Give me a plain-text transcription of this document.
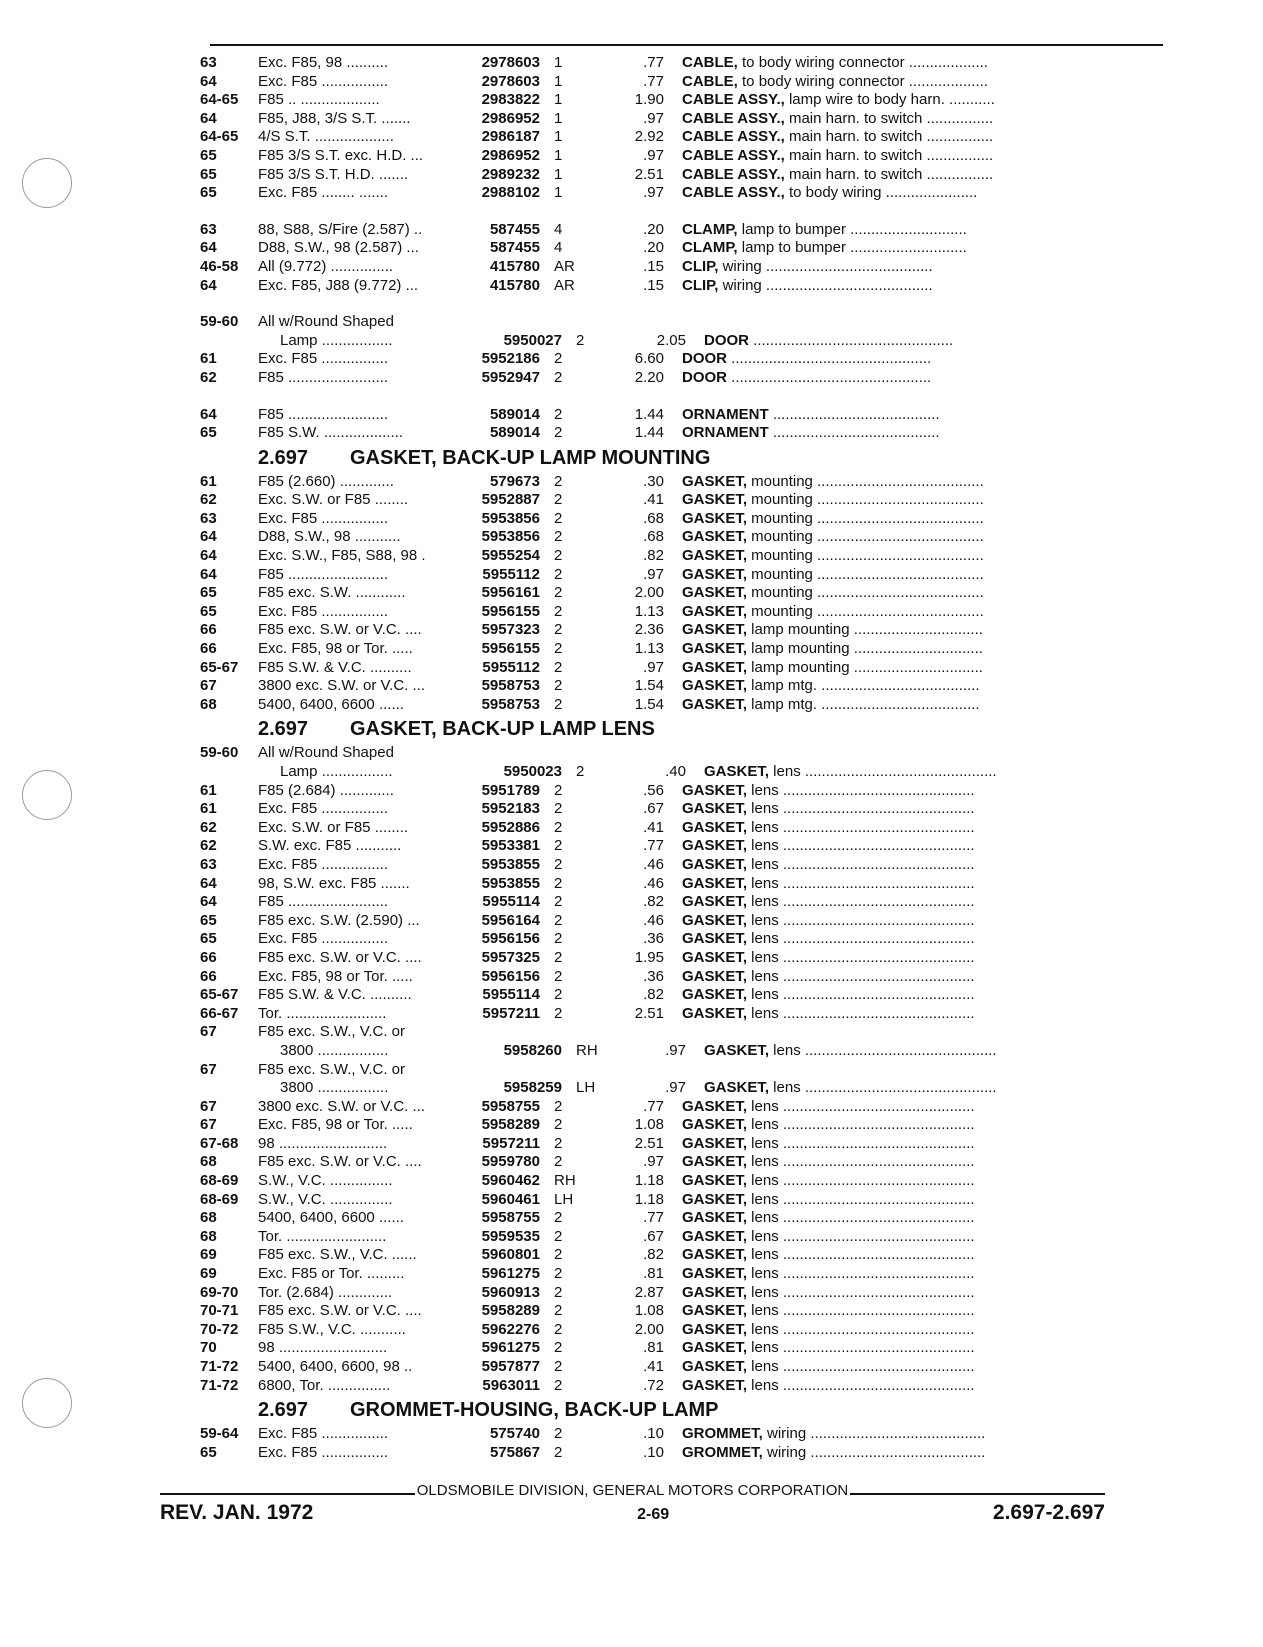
63	Exc. F85, 98 ..........	2978603 1	.77	CABLE, to body wiring connector ...................
64	Exc. F85 ................	2978603 1	.77	CABLE, to body wiring connector ...................
64-65	F85 .. ...................	2983822 1	1.90	CABLE ASSY., lamp wire to body harn. ...........
64	F85, J88, 3/S S.T. .......	2986952 1	.97	CABLE ASSY., main harn. to switch ................
64-65	4/S S.T. ...................	2986187 1	2.92	CABLE ASSY., main harn. to switch ................
65	F85 3/S S.T. exc. H.D. ...	2986952 1	.97	CABLE ASSY., main harn. to switch ................
65	F85 3/S S.T. H.D. .......	2989232 1	2.51	CABLE ASSY., main harn. to switch ................
65	Exc. F85 ........ .......	2988102 1	.97	CABLE ASSY., to body wiring ......................
63	88, S88, S/Fire (2.587) ..	587455 4	.20	CLAMP, lamp to bumper ............................
64	D88, S.W., 98 (2.587) ...	587455 4	.20	CLAMP, lamp to bumper ............................
46-58	All (9.772) ...............	415780 AR	.15	CLIP, wiring ........................................
64	Exc. F85, J88 (9.772) ...	415780 AR	.15	CLIP, wiring ........................................
59-60	All w/Round Shaped
Lamp .................	5950027 2	2.05	DOOR ................................................
61	Exc. F85 ................	5952186 2	6.60	DOOR ................................................
62	F85 ........................	5952947 2	2.20	DOOR ................................................
64	F85 ........................	589014 2	1.44	ORNAMENT ........................................
65	F85 S.W. ...................	589014 2	1.44	ORNAMENT ........................................
2.697 GASKET, BACK-UP LAMP MOUNTING
61	F85 (2.660) .............	579673 2	.30	GASKET, mounting ........................................
62	Exc. S.W. or F85 ........	5952887 2	.41	GASKET, mounting ........................................
63	Exc. F85 ................	5953856 2	.68	GASKET, mounting ........................................
64	D88, S.W., 98 ...........	5953856 2	.68	GASKET, mounting ........................................
64	Exc. S.W., F85, S88, 98 .	5955254 2	.82	GASKET, mounting ........................................
64	F85 ........................	5955112 2	.97	GASKET, mounting ........................................
65	F85 exc. S.W. ............	5956161 2	2.00	GASKET, mounting ........................................
65	Exc. F85 ................	5956155 2	1.13	GASKET, mounting ........................................
66	F85 exc. S.W. or V.C. ....	5957323 2	2.36	GASKET, lamp mounting ...............................
66	Exc. F85, 98 or Tor. .....	5956155 2	1.13	GASKET, lamp mounting ...............................
65-67	F85 S.W. & V.C. ..........	5955112 2	.97	GASKET, lamp mounting ...............................
67	3800 exc. S.W. or V.C. ...	5958753 2	1.54	GASKET, lamp mtg. ......................................
68	5400, 6400, 6600 ......	5958753 2	1.54	GASKET, lamp mtg. ......................................
2.697 GASKET, BACK-UP LAMP LENS
59-60	All w/Round Shaped
Lamp .................	5950023 2	.40	GASKET, lens ..............................................
61	F85 (2.684) .............	5951789 2	.56	GASKET, lens ..............................................
61	Exc. F85 ................	5952183 2	.67	GASKET, lens ..............................................
62	Exc. S.W. or F85 ........	5952886 2	.41	GASKET, lens ..............................................
62	S.W. exc. F85 ...........	5953381 2	.77	GASKET, lens ..............................................
63	Exc. F85 ................	5953855 2	.46	GASKET, lens ..............................................
64	98, S.W. exc. F85 .......	5953855 2	.46	GASKET, lens ..............................................
64	F85 ........................	5955114 2	.82	GASKET, lens ..............................................
65	F85 exc. S.W. (2.590) ...	5956164 2	.46	GASKET, lens ..............................................
65	Exc. F85 ................	5956156 2	.36	GASKET, lens ..............................................
66	F85 exc. S.W. or V.C. ....	5957325 2	1.95	GASKET, lens ..............................................
66	Exc. F85, 98 or Tor. .....	5956156 2	.36	GASKET, lens ..............................................
65-67	F85 S.W. & V.C. ..........	5955114 2	.82	GASKET, lens ..............................................
66-67	Tor. ........................	5957211 2	2.51	GASKET, lens ..............................................
67	F85 exc. S.W., V.C. or
3800 .................	5958260 RH	.97	GASKET, lens ..............................................
67	F85 exc. S.W., V.C. or
3800 .................	5958259 LH	.97	GASKET, lens ..............................................
67	3800 exc. S.W. or V.C. ...	5958755 2	.77	GASKET, lens ..............................................
67	Exc. F85, 98 or Tor. .....	5958289 2	1.08	GASKET, lens ..............................................
67-68	98 ..........................	5957211 2	2.51	GASKET, lens ..............................................
68	F85 exc. S.W. or V.C. ....	5959780 2	.97	GASKET, lens ..............................................
68-69	S.W., V.C. ...............	5960462 RH	1.18	GASKET, lens ..............................................
68-69	S.W., V.C. ...............	5960461 LH	1.18	GASKET, lens ..............................................
68	5400, 6400, 6600 ......	5958755 2	.77	GASKET, lens ..............................................
68	Tor. ........................	5959535 2	.67	GASKET, lens ..............................................
69	F85 exc. S.W., V.C. ......	5960801 2	.82	GASKET, lens ..............................................
69	Exc. F85 or Tor. .........	5961275 2	.81	GASKET, lens ..............................................
69-70	Tor. (2.684) .............	5960913 2	2.87	GASKET, lens ..............................................
70-71	F85 exc. S.W. or V.C. ....	5958289 2	1.08	GASKET, lens ..............................................
70-72	F85 S.W., V.C. ...........	5962276 2	2.00	GASKET, lens ..............................................
70	98 ..........................	5961275 2	.81	GASKET, lens ..............................................
71-72	5400, 6400, 6600, 98 ..	5957877 2	.41	GASKET, lens ..............................................
71-72	6800, Tor. ...............	5963011 2	.72	GASKET, lens ..............................................
2.697 GROMMET-HOUSING, BACK-UP LAMP
59-64	Exc. F85 ................	575740 2	.10	GROMMET, wiring ..........................................
65	Exc. F85 ................	575867 2	.10	GROMMET, wiring ..........................................
OLDSMOBILE DIVISION, GENERAL MOTORS CORPORATION
REV. JAN. 1972	2-69	2.697-2.697
